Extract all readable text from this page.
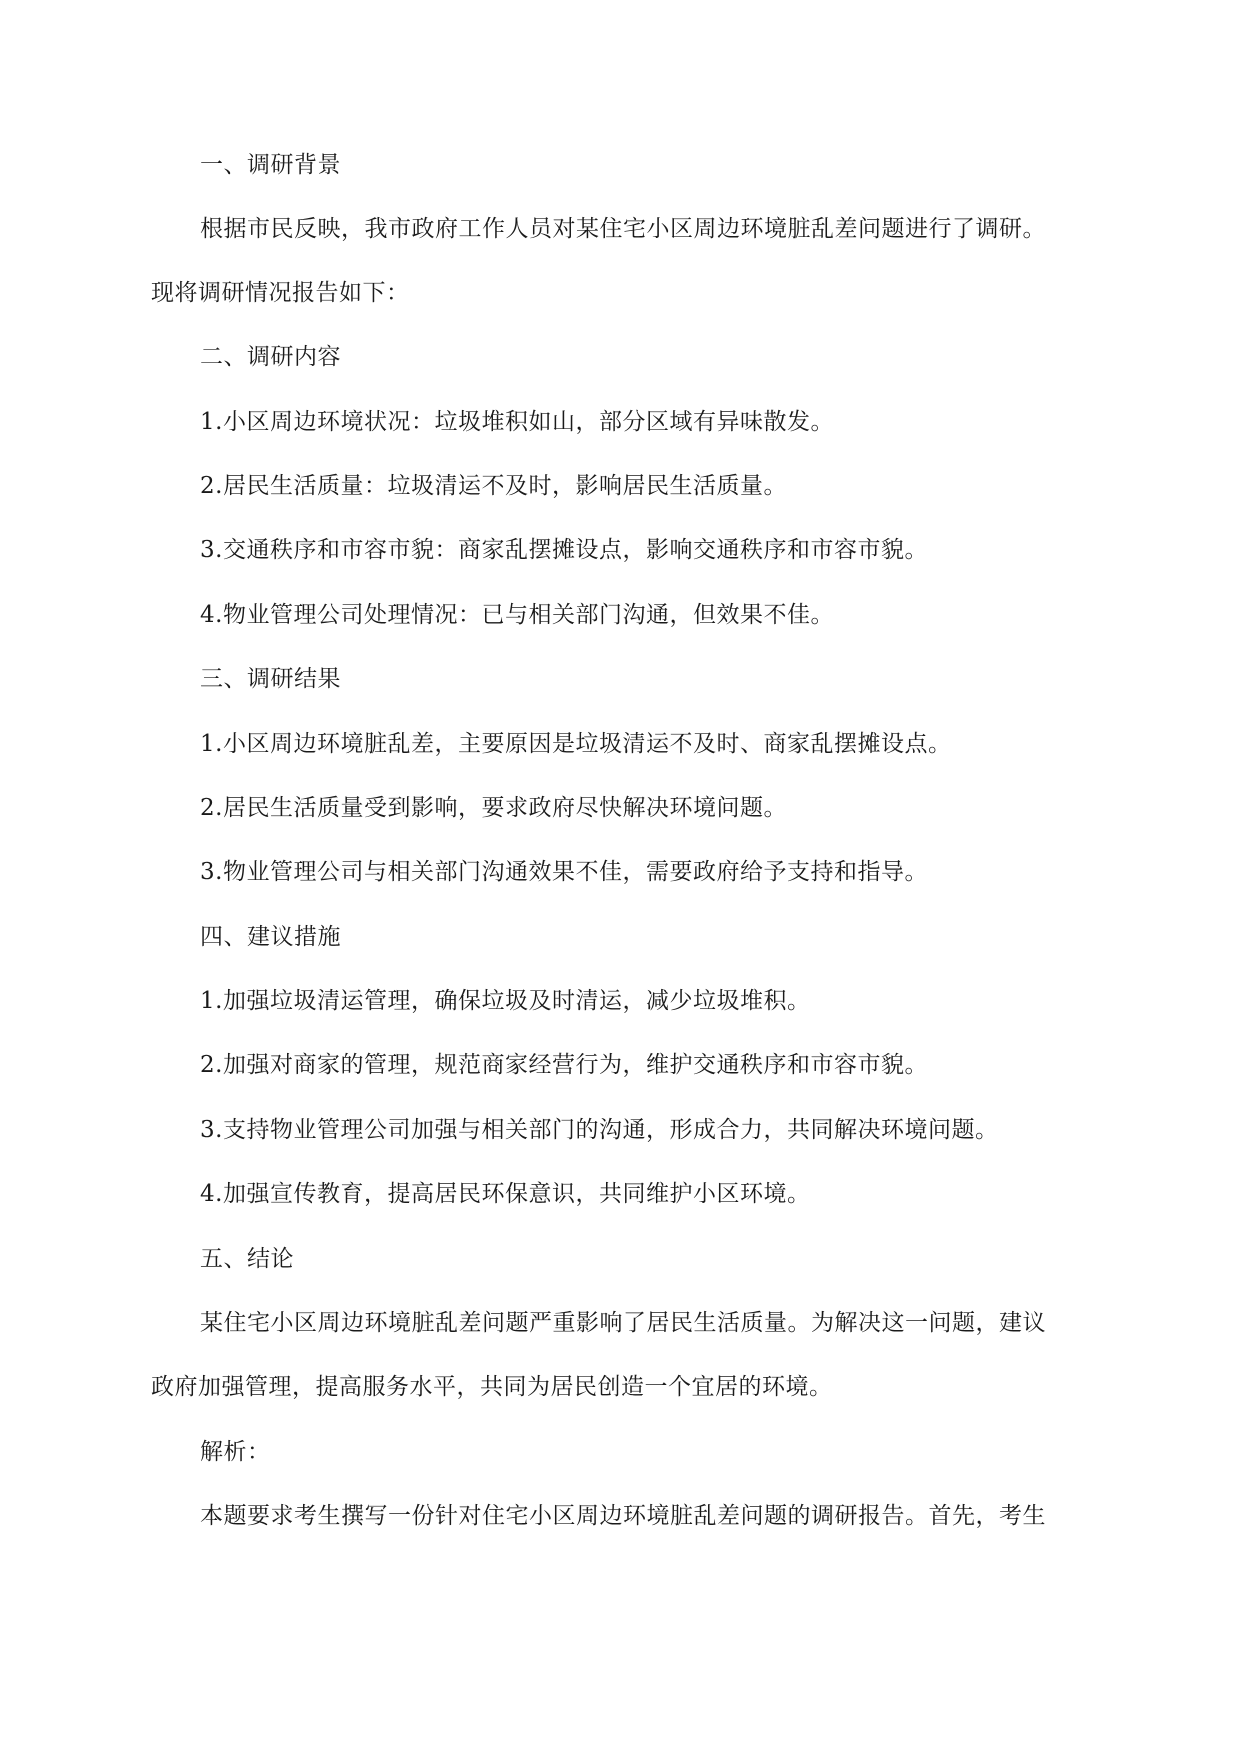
一、调研背景

根据市民反映，我市政府工作人员对某住宅小区周边环境脏乱差问题进行了调研。

现将调研情况报告如下：

二、调研内容

1.小区周边环境状况：垃圾堆积如山，部分区域有异味散发。

2.居民生活质量：垃圾清运不及时，影响居民生活质量。

3.交通秩序和市容市貌：商家乱摆摊设点，影响交通秩序和市容市貌。

4.物业管理公司处理情况：已与相关部门沟通，但效果不佳。

三、调研结果

1.小区周边环境脏乱差，主要原因是垃圾清运不及时、商家乱摆摊设点。

2.居民生活质量受到影响，要求政府尽快解决环境问题。

3.物业管理公司与相关部门沟通效果不佳，需要政府给予支持和指导。

四、建议措施

1.加强垃圾清运管理，确保垃圾及时清运，减少垃圾堆积。

2.加强对商家的管理，规范商家经营行为，维护交通秩序和市容市貌。

3.支持物业管理公司加强与相关部门的沟通，形成合力，共同解决环境问题。

4.加强宣传教育，提高居民环保意识，共同维护小区环境。

五、结论

某住宅小区周边环境脏乱差问题严重影响了居民生活质量。为解决这一问题，建议

政府加强管理，提高服务水平，共同为居民创造一个宜居的环境。

解析：

本题要求考生撰写一份针对住宅小区周边环境脏乱差问题的调研报告。首先，考生
